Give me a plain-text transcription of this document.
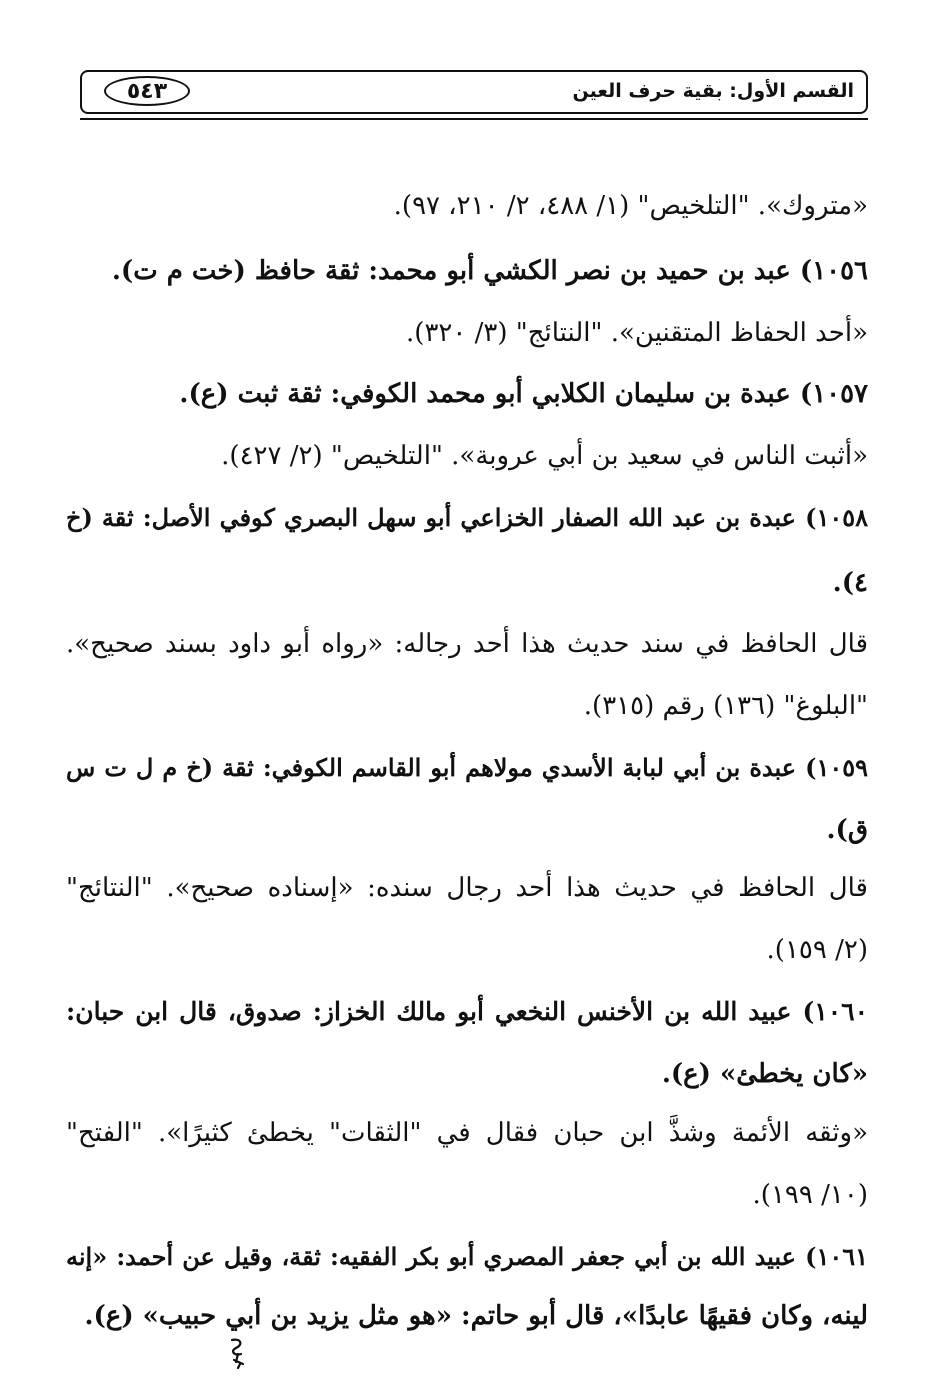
٥٤٣	القسم الأول: بقية حرف العين
«متروك». "التلخيص" (١/ ٤٨٨، ٢/ ٢١٠، ٩٧).
١٠٥٦) عبد بن حميد بن نصر الكشي أبو محمد: ثقة حافظ (خت م ت).
«أحد الحفاظ المتقنين». "النتائج" (٣/ ٣٢٠).
١٠٥٧) عبدة بن سليمان الكلابي أبو محمد الكوفي: ثقة ثبت (ع).
«أثبت الناس في سعيد بن أبي عروبة». "التلخيص" (٢/ ٤٢٧).
١٠٥٨) عبدة بن عبد الله الصفار الخزاعي أبو سهل البصري كوفي الأصل: ثقة (خ
٤).
قال الحافظ في سند حديث هذا أحد رجاله: «رواه أبو داود بسند صحيح».
"البلوغ" (١٣٦) رقم (٣١٥).
١٠٥٩) عبدة بن أبي لبابة الأسدي مولاهم أبو القاسم الكوفي: ثقة (خ م ل ت س
ق).
قال الحافظ في حديث هذا أحد رجال سنده: «إسناده صحيح». "النتائج"
(٢/ ١٥٩).
١٠٦٠) عبيد الله بن الأخنس النخعي أبو مالك الخزاز: صدوق، قال ابن حبان:
«كان يخطئ» (ع).
«وثقه الأئمة وشذَّ ابن حبان فقال في "الثقات" يخطئ كثيرًا». "الفتح"
(١٠/ ١٩٩).
١٠٦١) عبيد الله بن أبي جعفر المصري أبو بكر الفقيه: ثقة، وقيل عن أحمد: «إنه
لينه، وكان فقيهًا عابدًا»، قال أبو حاتم: «هو مثل يزيد بن أبي حبيب» (ع).
